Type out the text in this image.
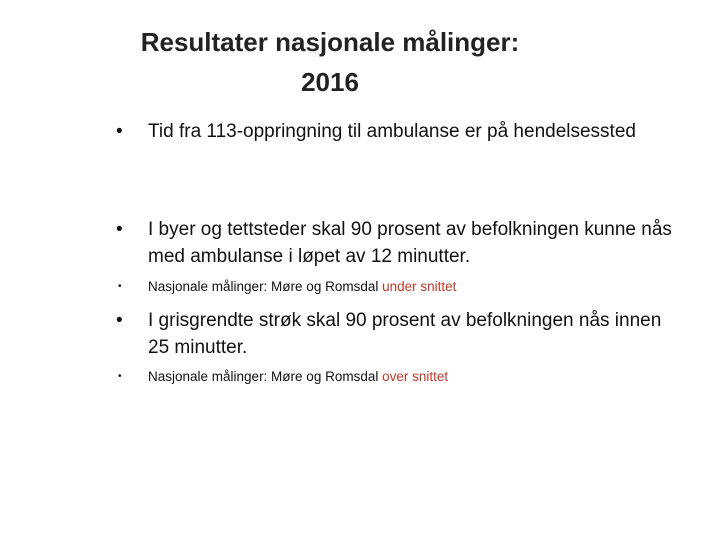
Resultater nasjonale målinger:
2016
• Tid fra 113-oppringning til ambulanse er på hendelsessted
• I byer og tettsteder skal 90 prosent av befolkningen kunne nås med ambulanse i løpet av 12 minutter.
• Nasjonale målinger: Møre og Romsdal under snittet
• I grisgrendte strøk skal 90 prosent av befolkningen nås innen 25 minutter.
• Nasjonale målinger: Møre og Romsdal over snittet
